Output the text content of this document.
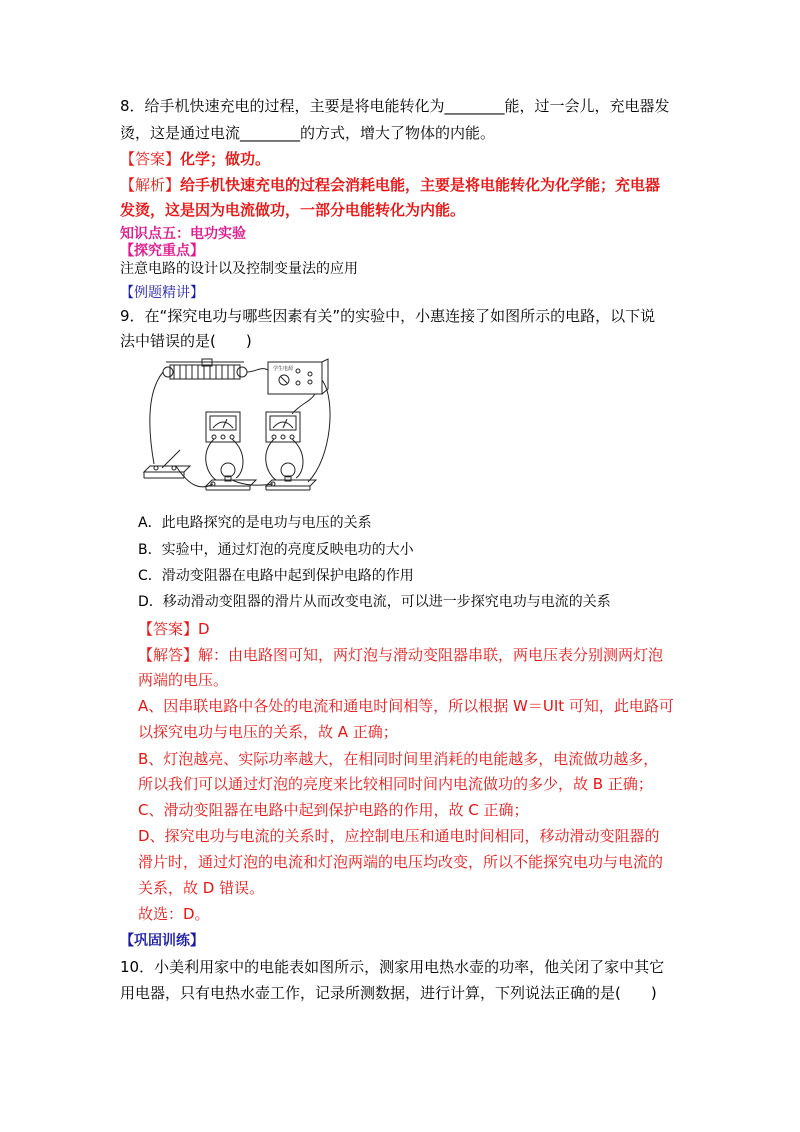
8．给手机快速充电的过程，主要是将电能转化为________能，过一会儿，充电器发
烫，这是通过电流________的方式，增大了物体的内能。
【答案】化学；做功。
【解析】给手机快速充电的过程会消耗电能，主要是将电能转化为化学能；充电器
发烫，这是因为电流做功，一部分电能转化为内能。
知识点五：电功实验
【探究重点】
注意电路的设计以及控制变量法的应用
【例题精讲】
9．在“探究电功与哪些因素有关”的实验中，小惠连接了如图所示的电路，以下说
法中错误的是(　　)
学生电源
A．此电路探究的是电功与电压的关系
B．实验中，通过灯泡的亮度反映电功的大小
C．滑动变阻器在电路中起到保护电路的作用
D．移动滑动变阻器的滑片从而改变电流，可以进一步探究电功与电流的关系
【答案】D
【解答】解：由电路图可知，两灯泡与滑动变阻器串联，两电压表分别测两灯泡
两端的电压。
A、因串联电路中各处的电流和通电时间相等，所以根据 W＝UIt 可知，此电路可
以探究电功与电压的关系，故 A 正确；
B、灯泡越亮、实际功率越大，在相同时间里消耗的电能越多，电流做功越多，
所以我们可以通过灯泡的亮度来比较相同时间内电流做功的多少，故 B 正确；
C、滑动变阻器在电路中起到保护电路的作用，故 C 正确；
D、探究电功与电流的关系时，应控制电压和通电时间相同，移动滑动变阻器的
滑片时，通过灯泡的电流和灯泡两端的电压均改变，所以不能探究电功与电流的
关系，故 D 错误。
故选：D。
【巩固训练】
10．小美利用家中的电能表如图所示，测家用电热水壶的功率，他关闭了家中其它
用电器，只有电热水壶工作，记录所测数据，进行计算，下列说法正确的是(　　)
